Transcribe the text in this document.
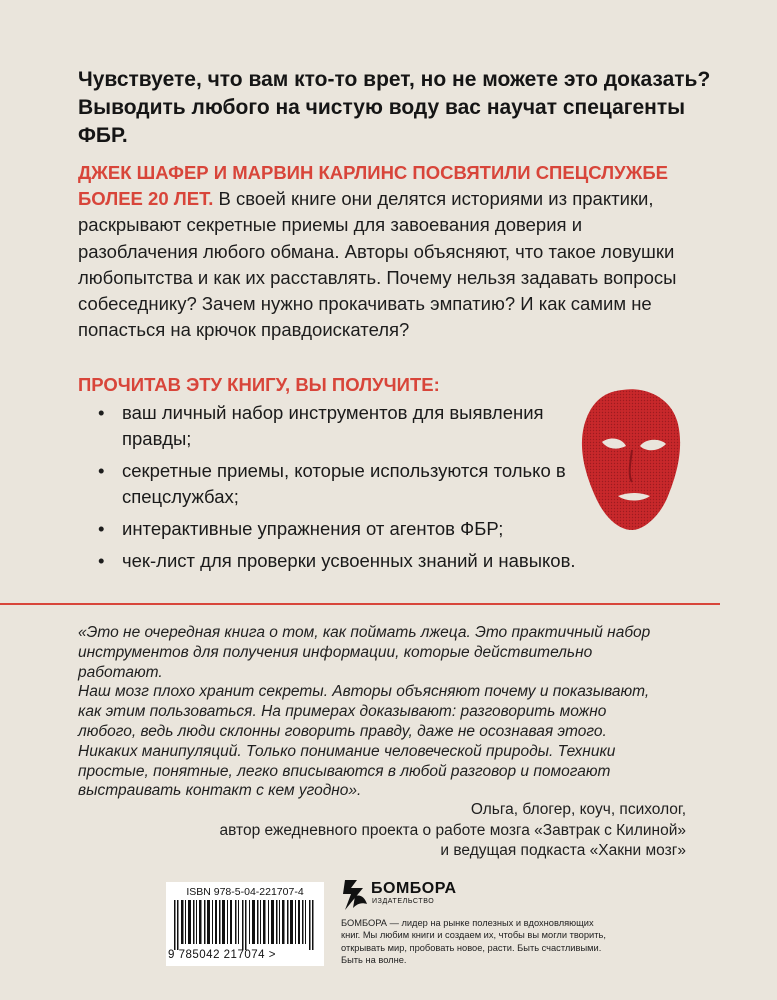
Чувствуете, что вам кто-то врет, но не можете это доказать? Выводить любого на чистую воду вас научат спецагенты ФБР.

ДЖЕК ШАФЕР И МАРВИН КАРЛИНС ПОСВЯТИЛИ СПЕЦСЛУЖБЕ БОЛЕЕ 20 ЛЕТ. В своей книге они делятся историями из практики, раскрывают секретные приемы для завоевания доверия и разоблачения любого обмана. Авторы объясняют, что такое ловушки любопытства и как их расставлять. Почему нельзя задавать вопросы собеседнику? Зачем нужно прокачивать эмпатию? И как самим не попасться на крючок правдоискателя?

ПРОЧИТАВ ЭТУ КНИГУ, ВЫ ПОЛУЧИТЕ:
• ваш личный набор инструментов для выявления правды;
• секретные приемы, которые используются только в спецслужбах;
• интерактивные упражнения от агентов ФБР;
• чек-лист для проверки усвоенных знаний и навыков.
«Это не очередная книга о том, как поймать лжеца. Это практичный набор
инструментов для получения информации, которые действительно
работают.
Наш мозг плохо хранит секреты. Авторы объясняют почему и показывают,
как этим пользоваться. На примерах доказывают: разговорить можно
любого, ведь люди склонны говорить правду, даже не осознавая этого.
Никаких манипуляций. Только понимание человеческой природы. Техники
простые, понятные, легко вписываются в любой разговор и помогают
выстраивать контакт с кем угодно».
Ольга, блогер, коуч, психолог,
автор ежедневного проекта о работе мозга «Завтрак с Килиной»
и ведущая подкаста «Хакни мозг»
ISBN 978-5-04-221707-4
9 785042 217074 >
БОМБОРА
ИЗДАТЕЛЬСТВО

БОМБОРА — лидер на рынке полезных и вдохновляющих книг. Мы любим книги и создаем их, чтобы вы могли творить, открывать мир, пробовать новое, расти. Быть счастливыми. Быть на волне.
